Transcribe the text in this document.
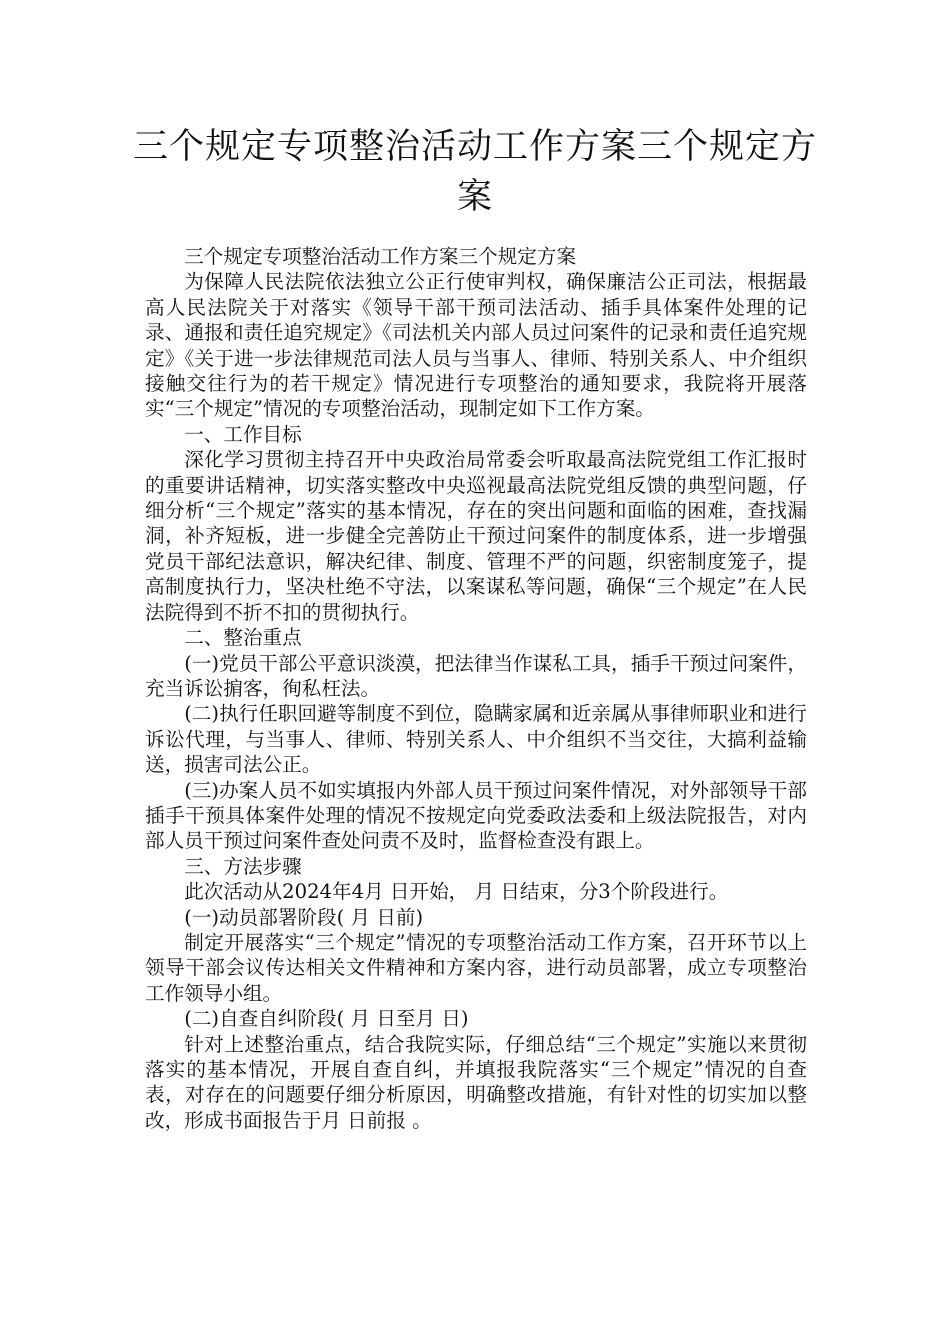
三个规定专项整治活动工作方案三个规定方案

三个规定专项整治活动工作方案三个规定方案

为保障人民法院依法独立公正行使审判权，确保廉洁公正司法，根据最高人民法院关于对落实《领导干部干预司法活动、插手具体案件处理的记录、通报和责任追究规定》《司法机关内部人员过问案件的记录和责任追究规定》《关于进一步法律规范司法人员与当事人、律师、特别关系人、中介组织接触交往行为的若干规定》情况进行专项整治的通知要求，我院将开展落实“三个规定”情况的专项整治活动，现制定如下工作方案。

一、工作目标

深化学习贯彻主持召开中央政治局常委会听取最高法院党组工作汇报时的重要讲话精神，切实落实整改中央巡视最高法院党组反馈的典型问题，仔细分析“三个规定”落实的基本情况，存在的突出问题和面临的困难，查找漏洞，补齐短板，进一步健全完善防止干预过问案件的制度体系，进一步增强党员干部纪法意识，解决纪律、制度、管理不严的问题，织密制度笼子，提高制度执行力，坚决杜绝不守法，以案谋私等问题，确保“三个规定”在人民法院得到不折不扣的贯彻执行。

二、整治重点

(一)党员干部公平意识淡漠，把法律当作谋私工具，插手干预过问案件，充当诉讼掮客，徇私枉法。

(二)执行任职回避等制度不到位，隐瞒家属和近亲属从事律师职业和进行诉讼代理，与当事人、律师、特别关系人、中介组织不当交往，大搞利益输送，损害司法公正。

(三)办案人员不如实填报内外部人员干预过问案件情况，对外部领导干部插手干预具体案件处理的情况不按规定向党委政法委和上级法院报告，对内部人员干预过问案件查处问责不及时，监督检查没有跟上。

三、方法步骤

此次活动从2024年4月 日开始， 月 日结束，分3个阶段进行。

(一)动员部署阶段( 月 日前)

制定开展落实“三个规定”情况的专项整治活动工作方案，召开环节以上领导干部会议传达相关文件精神和方案内容，进行动员部署，成立专项整治工作领导小组。

(二)自查自纠阶段( 月 日至月 日)

针对上述整治重点，结合我院实际，仔细总结“三个规定”实施以来贯彻落实的基本情况，开展自查自纠，并填报我院落实“三个规定”情况的自查表，对存在的问题要仔细分析原因，明确整改措施，有针对性的切实加以整改，形成书面报告于月 日前报 。
